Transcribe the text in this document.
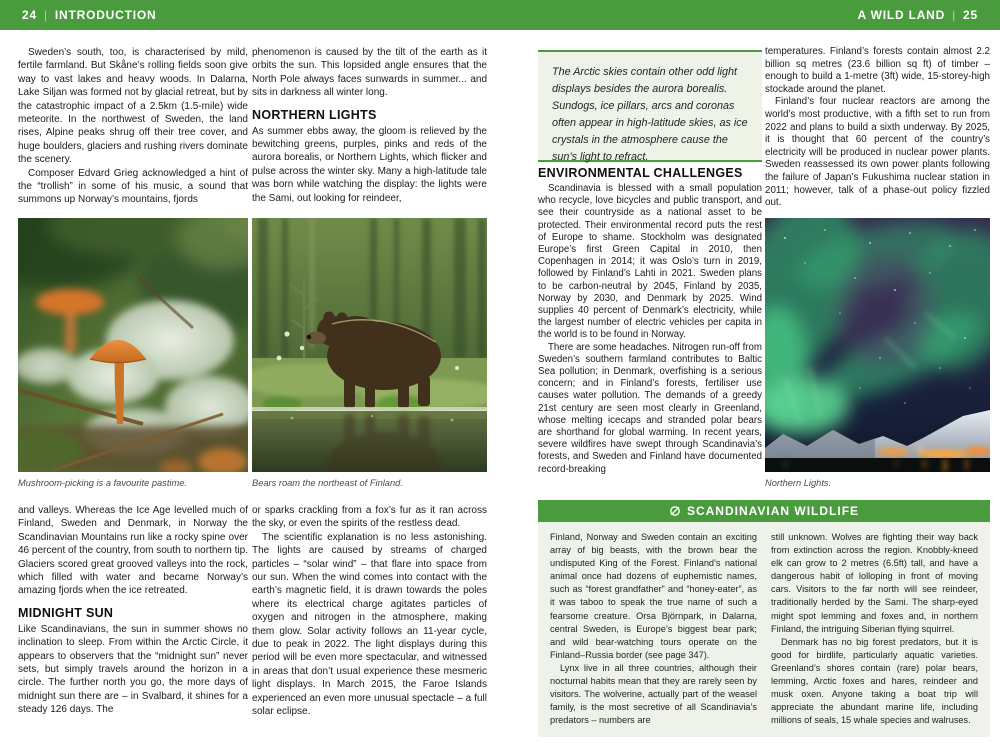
24 | INTRODUCTION	A WILD LAND | 25

Sweden’s south, too, is characterised by mild, fertile farmland. But Skåne’s rolling fields soon give way to vast lakes and heavy woods. In Dalarna, Lake Siljan was formed not by glacial retreat, but by the catastrophic impact of a 2.5km (1.5-mile) wide meteorite. In the northwest of Sweden, the land rises, Alpine peaks shrug off their tree cover, and huge boulders, glaciers and rushing rivers dominate the scenery.

Composer Edvard Grieg acknowledged a hint of the “trollish” in some of his music, a sound that summons up Norway’s mountains, fjords

phenomenon is caused by the tilt of the earth as it orbits the sun. This lopsided angle ensures that the North Pole always faces sunwards in summer... and sits in darkness all winter long.

NORTHERN LIGHTS

As summer ebbs away, the gloom is relieved by the bewitching greens, purples, pinks and reds of the aurora borealis, or Northern Lights, which flicker and pulse across the winter sky. Many a high-latitude tale was born while watching the display: the lights were the Sami, out looking for reindeer,

Mushroom-picking is a favourite pastime.	Bears roam the northeast of Finland.	Northern Lights.

and valleys. Whereas the Ice Age levelled much of Finland, Sweden and Denmark, in Norway the Scandinavian Mountains run like a rocky spine over 46 percent of the country, from south to northern tip. Glaciers scored great grooved valleys into the rock, which filled with water and became Norway’s amazing fjords when the ice retreated.

MIDNIGHT SUN

Like Scandinavians, the sun in summer shows no inclination to sleep. From within the Arctic Circle, it appears to observers that the “midnight sun” never sets, but simply travels around the horizon in a circle. The further north you go, the more days of midnight sun there are – in Svalbard, it shines for a steady 126 days. The

or sparks crackling from a fox’s fur as it ran across the sky, or even the spirits of the restless dead.

The scientific explanation is no less astonishing. The lights are caused by streams of charged particles – “solar wind” – that flare into space from our sun. When the wind comes into contact with the earth’s magnetic field, it is drawn towards the poles where its electrical charge agitates particles of oxygen and nitrogen in the atmosphere, making them glow. Solar activity follows an 11-year cycle, due to peak in 2022. The light displays during this period will be even more spectacular, and witnessed in areas that don’t usual experience these mesmeric light displays. In March 2015, the Faroe Islands experienced an even more unusual spectacle – a full solar eclipse.

The Arctic skies contain other odd light displays besides the aurora borealis. Sundogs, ice pillars, arcs and coronas often appear in high-latitude skies, as ice crystals in the atmosphere cause the sun’s light to refract.

ENVIRONMENTAL CHALLENGES

Scandinavia is blessed with a small population who recycle, love bicycles and public transport, and see their countryside as a national asset to be protected. Their environmental record puts the rest of Europe to shame. Stockholm was designated Europe’s first Green Capital in 2010, then Copenhagen in 2014; it was Oslo’s turn in 2019, followed by Finland’s Lahti in 2021. Sweden plans to be carbon-neutral by 2045, Finland by 2035, Norway by 2030, and Denmark by 2025. Wind supplies 40 percent of Denmark’s electricity, while the largest number of electric vehicles per capita in the world is to be found in Norway.

There are some headaches. Nitrogen run-off from Sweden’s southern farmland contributes to Baltic Sea pollution; in Denmark, overfishing is a serious concern; and in Finland’s forests, fertiliser use causes water pollution. The demands of a greedy 21st century are seen most clearly in Greenland, whose melting icecaps and stranded polar bears are shorthand for global warming. In recent years, severe wildfires have swept through Scandinavia’s forests, and Sweden and Finland have documented record-breaking

temperatures. Finland’s forests contain almost 2.2 billion sq metres (23.6 billion sq ft) of timber – enough to build a 1-metre (3ft) wide, 15-storey-high stockade around the planet.

Finland’s four nuclear reactors are among the world’s most productive, with a fifth set to run from 2022 and plans to build a sixth underway. By 2025, it is thought that 60 percent of the country’s electricity will be produced in nuclear power plants. Sweden reassessed its own power plants following the failure of Japan’s Fukushima nuclear station in 2011; however, talk of a phase-out policy fizzled out.

SCANDINAVIAN WILDLIFE

Finland, Norway and Sweden contain an exciting array of big beasts, with the brown bear the undisputed King of the Forest. Finland’s national animal once had dozens of euphemistic names, such as “forest grandfather” and “honey-eater”, as it was taboo to speak the true name of such a fearsome creature. Orsa Björnpark, in Dalarna, central Sweden, is Europe’s biggest bear park; and wild bear-watching tours operate on the Finland–Russia border (see page 347).

Lynx live in all three countries, although their nocturnal habits mean that they are rarely seen by visitors. The wolverine, actually part of the weasel family, is the most secretive of all Scandinavia’s predators – numbers are

still unknown. Wolves are fighting their way back from extinction across the region. Knobbly-kneed elk can grow to 2 metres (6.5ft) tall, and have a dangerous habit of lolloping in front of moving cars. Visitors to the far north will see reindeer, traditionally herded by the Sami. The sharp-eyed might spot lemming and foxes and, in northern Finland, the intriguing Siberian flying squirrel.

Denmark has no big forest predators, but it is good for birdlife, particularly aquatic varieties. Greenland’s shores contain (rare) polar bears, lemming, Arctic foxes and hares, reindeer and musk oxen. Anyone taking a boat trip will appreciate the abundant marine life, including millions of seals, 15 whale species and walruses.
